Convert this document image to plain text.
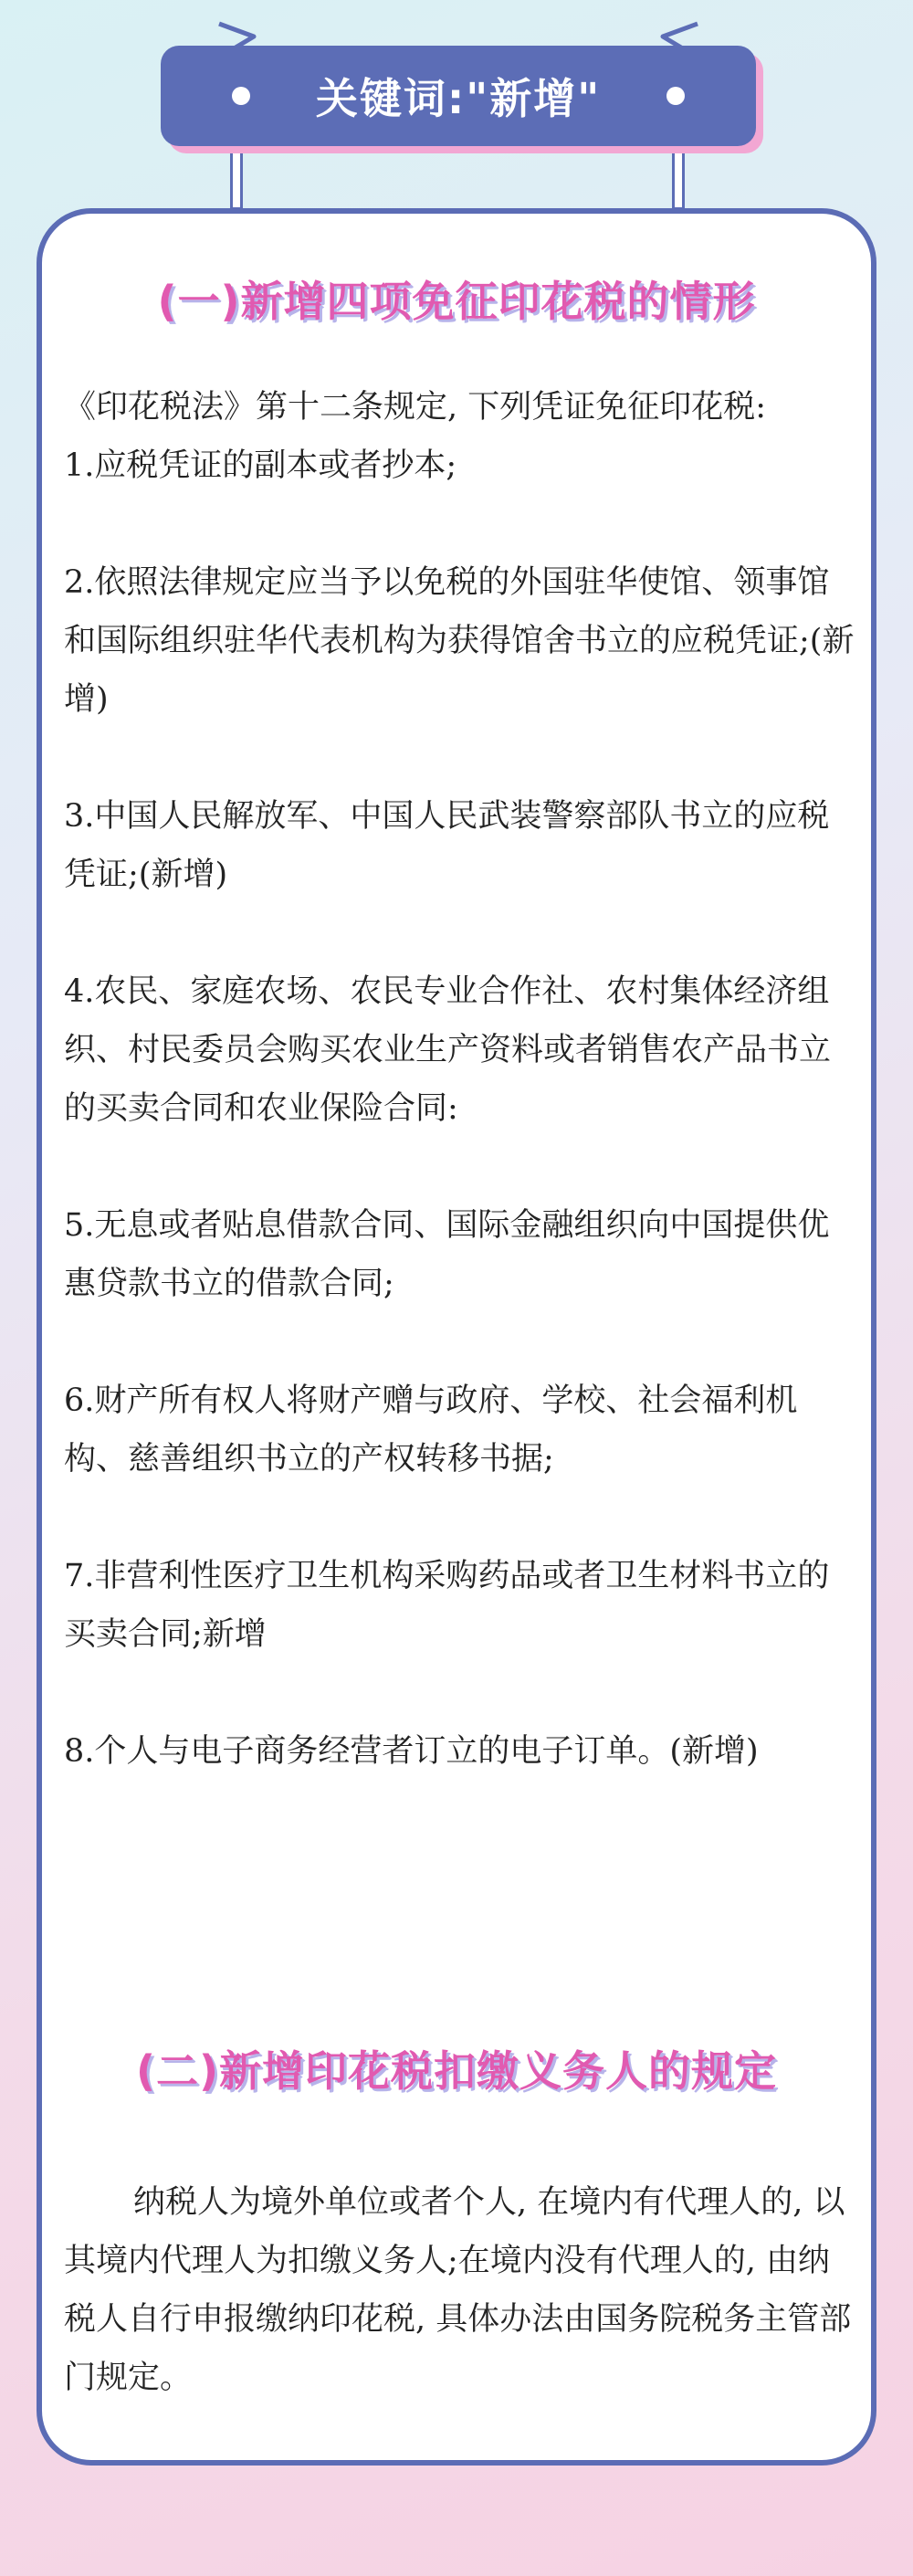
关键词:"新增"
(一)新增四项免征印花税的情形

《印花税法》第十二条规定, 下列凭证免征印花税:

1.应税凭证的副本或者抄本;

2.依照法律规定应当予以免税的外国驻华使馆、领事馆和国际组织驻华代表机构为获得馆舍书立的应税凭证;(新增)

3.中国人民解放军、中国人民武装警察部队书立的应税凭证;(新增)

4.农民、家庭农场、农民专业合作社、农村集体经济组织、村民委员会购买农业生产资料或者销售农产品书立的买卖合同和农业保险合同:

5.无息或者贴息借款合同、国际金融组织向中国提供优惠贷款书立的借款合同;

6.财产所有权人将财产赠与政府、学校、社会福利机构、慈善组织书立的产权转移书据;

7.非营利性医疗卫生机构采购药品或者卫生材料书立的买卖合同;新增

8.个人与电子商务经营者订立的电子订单。(新增)

(二)新增印花税扣缴义务人的规定

纳税人为境外单位或者个人, 在境内有代理人的, 以其境内代理人为扣缴义务人;在境内没有代理人的, 由纳税人自行申报缴纳印花税, 具体办法由国务院税务主管部门规定。
